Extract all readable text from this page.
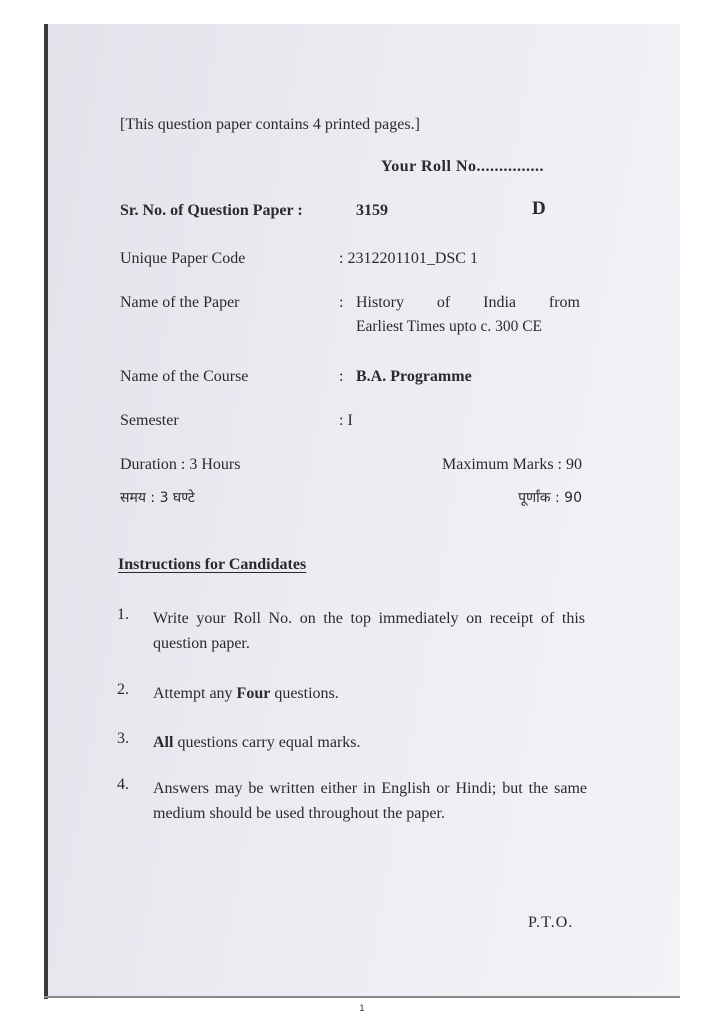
[This question paper contains 4 printed pages.]
Your Roll No...............
Sr. No. of Question Paper :	3159	D
Unique Paper Code	: 2312201101_DSC 1
Name of the Paper	: History of India from
Earliest Times upto c. 300 CE
Name of the Course	: B.A. Programme
Semester	: I
Duration : 3 Hours	Maximum Marks : 90
समय : 3 घण्टे	पूर्णांक : 90
Instructions for Candidates
1. Write your Roll No. on the top immediately on receipt of this question paper.
2. Attempt any Four questions.
3. All questions carry equal marks.
4. Answers may be written either in English or Hindi; but the same medium should be used throughout the paper.
P.T.O.
1
